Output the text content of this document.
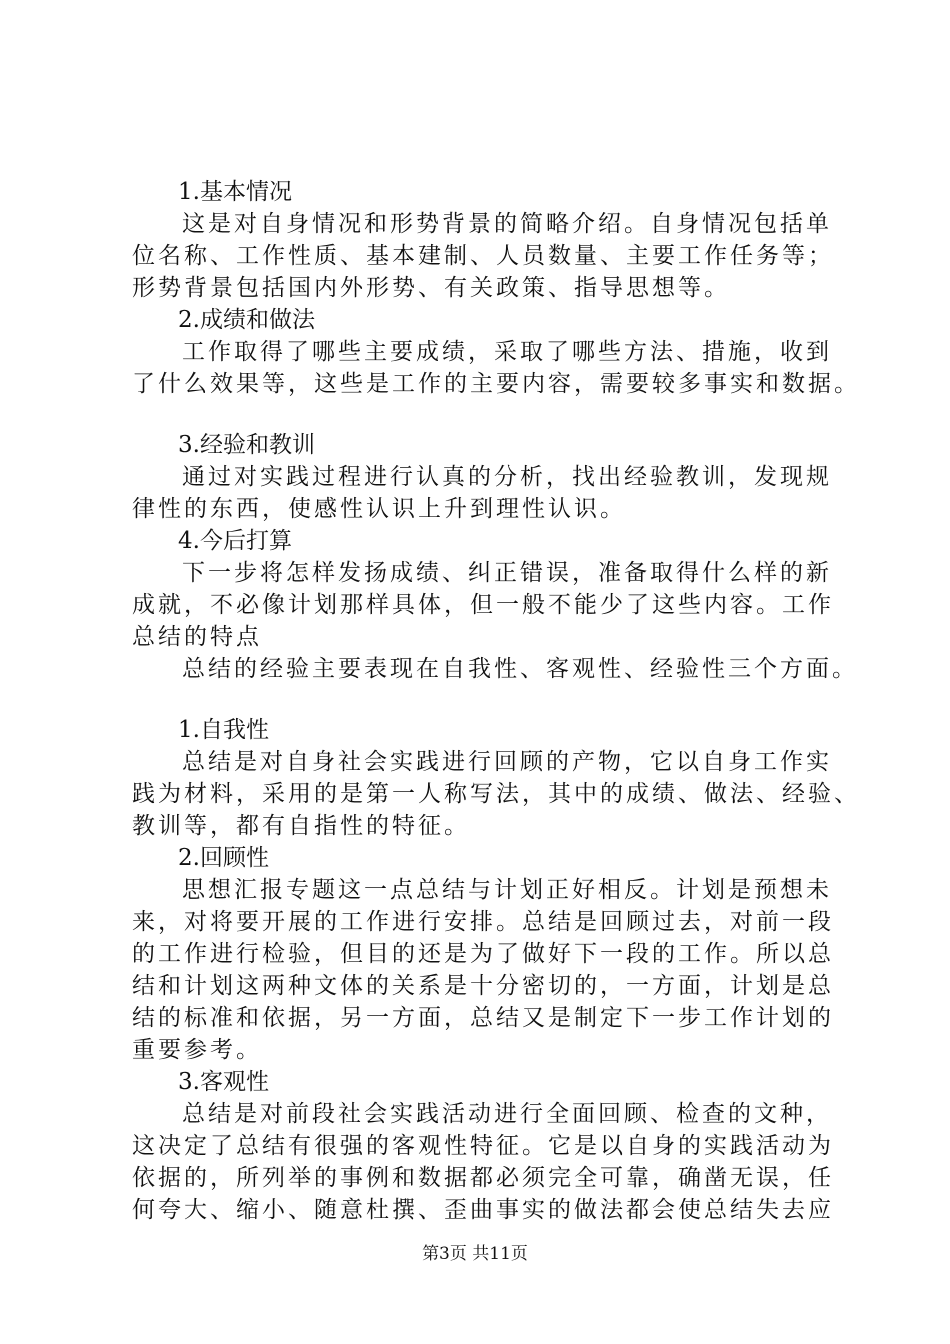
1.基本情况
这是对自身情况和形势背景的简略介绍。自身情况包括单
位名称、工作性质、基本建制、人员数量、主要工作任务等；
形势背景包括国内外形势、有关政策、指导思想等。
2.成绩和做法
工作取得了哪些主要成绩，采取了哪些方法、措施，收到
了什么效果等，这些是工作的主要内容，需要较多事实和数据。
3.经验和教训
通过对实践过程进行认真的分析，找出经验教训，发现规
律性的东西，使感性认识上升到理性认识。
4.今后打算
下一步将怎样发扬成绩、纠正错误，准备取得什么样的新
成就，不必像计划那样具体，但一般不能少了这些内容。工作
总结的特点
总结的经验主要表现在自我性、客观性、经验性三个方面。
1.自我性
总结是对自身社会实践进行回顾的产物，它以自身工作实
践为材料，采用的是第一人称写法，其中的成绩、做法、经验、
教训等，都有自指性的特征。
2.回顾性
思想汇报专题这一点总结与计划正好相反。计划是预想未
来，对将要开展的工作进行安排。总结是回顾过去，对前一段
的工作进行检验，但目的还是为了做好下一段的工作。所以总
结和计划这两种文体的关系是十分密切的，一方面，计划是总
结的标准和依据，另一方面，总结又是制定下一步工作计划的
重要参考。
3.客观性
总结是对前段社会实践活动进行全面回顾、检查的文种，
这决定了总结有很强的客观性特征。它是以自身的实践活动为
依据的，所列举的事例和数据都必须完全可靠，确凿无误，任
何夸大、缩小、随意杜撰、歪曲事实的做法都会使总结失去应
第3页 共11页
